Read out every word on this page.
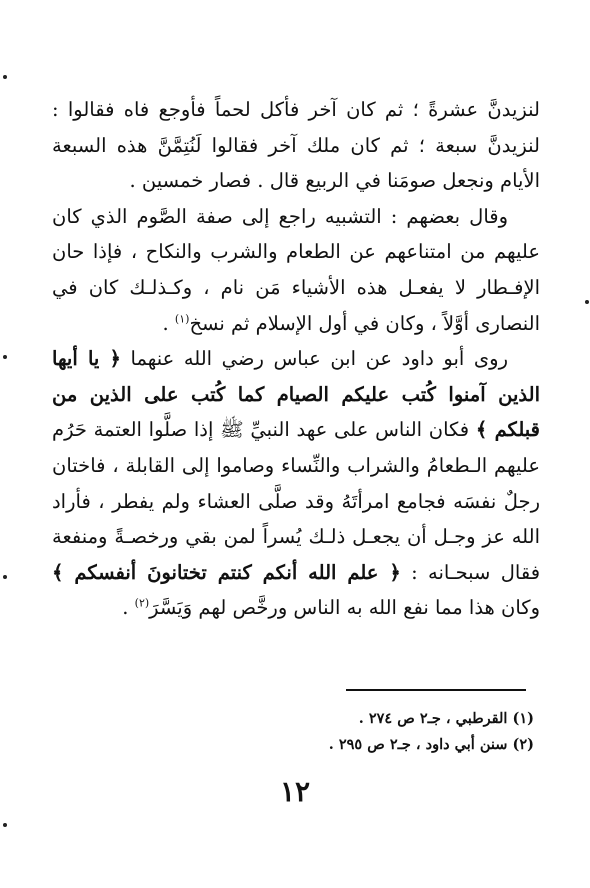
لنزيدنَّ عشرةً ؛ ثم كان آخر فأكل لحماً فأوجع فاه فقالوا : لنزيدنَّ سبعة ؛ ثم كان ملك آخر فقالوا لَنُتِمَّنَّ هذه السبعة الأيام ونجعل صومَنا في الربيع قال . فصار خمسين .

وقال بعضهم : التشبيه راجع إلى صفة الصَّوم الذي كان عليهم من امتناعهم عن الطعام والشرب والنكاح ، فإذا حان الإفـطار لا يفعـل هذه الأشياء مَن نام ، وكـذلـك كان في النصارى أوَّلاً ، وكان في أول الإسلام ثم نسخ$^{(١)}$ .

روى أبو داود عن ابن عباس رضي الله عنهما ﴿ يا أيها الذين آمنوا كُتب عليكم الصيام كما كُتب على الذين من قبلكم ﴾ فكان الناس على عهد النبيِّ ﷺ إذا صلَّوا العتمة حَرُم عليهم الـطعامُ والشراب والنِّساء وصاموا إلى القابلة ، فاختان رجلٌ نفسَه فجامع امرأتَهُ وقد صلَّى العشاء ولم يفطر ، فأراد الله عز وجـل أن يجعـل ذلـك يُسراً لمن بقي ورخصـةً ومنفعة فقال سبحـانه : ﴿ علم الله أنكم كنتم تختانونَ أنفسكم ﴾ وكان هذا مما نفع الله به الناس ورخَّص لهم وَيَسَّرَ$^{(٢)}$ .

(١) القرطبي ، جـ٢ ص ٢٧٤ .
(٢) سنن أبي داود ، جـ٢ ص ٢٩٥ .
١٢
